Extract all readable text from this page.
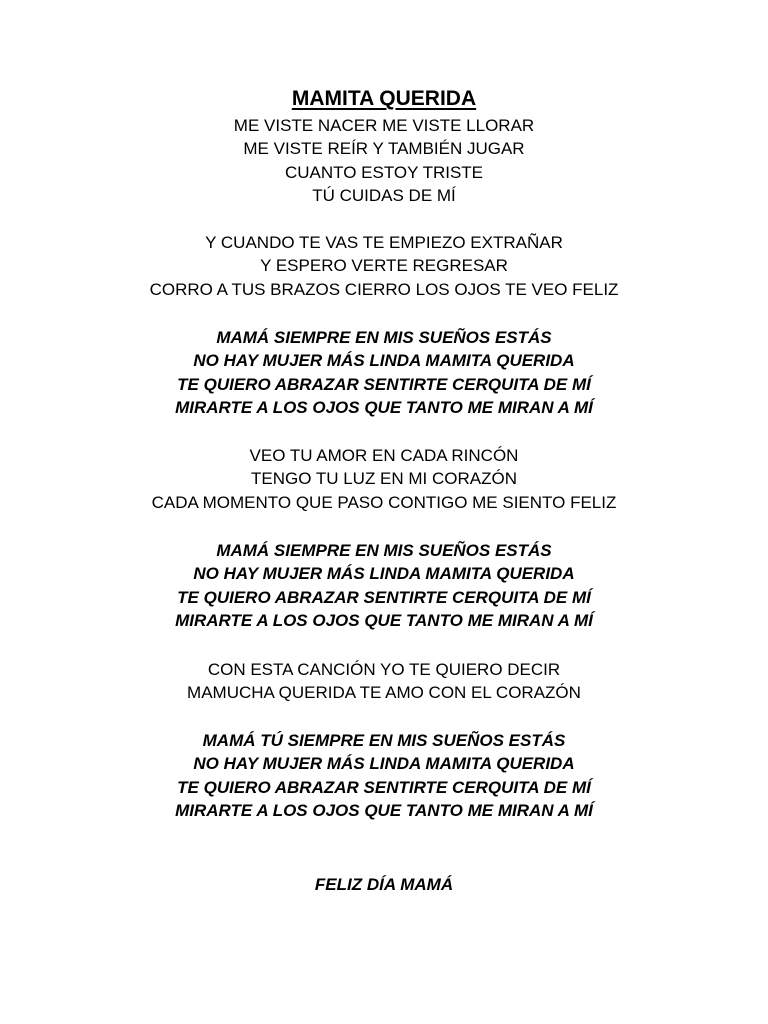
MAMITA QUERIDA
ME VISTE NACER ME VISTE LLORAR
ME VISTE REÍR Y TAMBIÉN JUGAR
CUANTO ESTOY TRISTE
TÚ CUIDAS DE MÍ
Y CUANDO TE VAS TE EMPIEZO EXTRAÑAR
Y ESPERO VERTE REGRESAR
CORRO A TUS BRAZOS CIERRO LOS OJOS TE VEO FELIZ
MAMÁ SIEMPRE EN MIS SUEÑOS ESTÁS
NO HAY MUJER MÁS LINDA MAMITA QUERIDA
TE QUIERO ABRAZAR SENTIRTE CERQUITA DE MÍ
MIRARTE A LOS OJOS QUE TANTO ME MIRAN A MÍ
VEO TU AMOR EN CADA RINCÓN
TENGO TU LUZ EN MI CORAZÓN
CADA MOMENTO QUE PASO CONTIGO ME SIENTO FELIZ
MAMÁ SIEMPRE EN MIS SUEÑOS ESTÁS
NO HAY MUJER MÁS LINDA MAMITA QUERIDA
TE QUIERO ABRAZAR SENTIRTE CERQUITA DE MÍ
MIRARTE A LOS OJOS QUE TANTO ME MIRAN A MÍ
CON ESTA CANCIÓN YO TE QUIERO DECIR
MAMUCHA QUERIDA TE AMO CON EL CORAZÓN
MAMÁ TÚ SIEMPRE EN MIS SUEÑOS ESTÁS
NO HAY MUJER MÁS LINDA MAMITA QUERIDA
TE QUIERO ABRAZAR SENTIRTE CERQUITA DE MÍ
MIRARTE A LOS OJOS QUE TANTO ME MIRAN A MÍ
FELIZ DÍA MAMÁ
